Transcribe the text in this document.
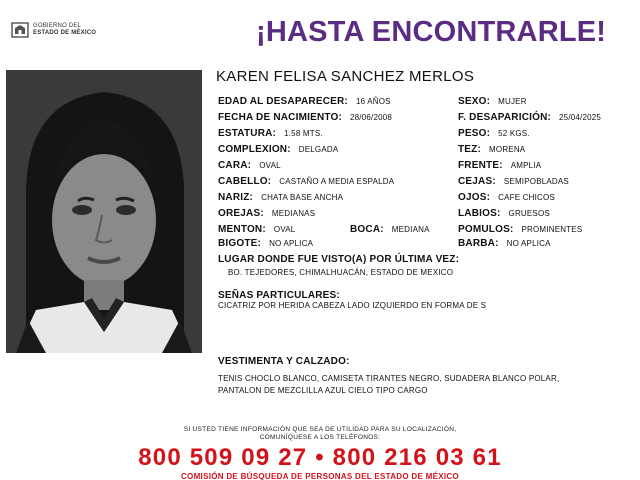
GOBIERNO DEL
ESTADO DE MÉXICO	¡HASTA ENCONTRARLE!
KAREN FELISA SANCHEZ MERLOS
EDAD AL DESAPARECER: 16 AÑOS
FECHA DE NACIMIENTO: 28/06/2008
ESTATURA: 1.58 MTS.
COMPLEXION: DELGADA
CARA: OVAL
CABELLO: CASTAÑO A MEDIA ESPALDA
NARIZ: CHATA BASE ANCHA
OREJAS: MEDIANAS
MENTON: OVAL	BOCA: MEDIANA
BIGOTE: NO APLICA
SEXO: MUJER
F. DESAPARICIÓN: 25/04/2025
PESO: 52 KGS.
TEZ: MORENA
FRENTE: AMPLIA
CEJAS: SEMIPOBLADAS
OJOS: CAFE CHICOS
LABIOS: GRUESOS
POMULOS: PROMINENTES
BARBA: NO APLICA
LUGAR DONDE FUE VISTO(A) POR ÚLTIMA VEZ:
BO. TEJEDORES, CHIMALHUACÁN, ESTADO DE MEXICO
SEÑAS PARTICULARES:
CICATRIZ POR HERIDA CABEZA LADO IZQUIERDO EN FORMA DE S
VESTIMENTA Y CALZADO:
TENIS CHOCLO BLANCO, CAMISETA TIRANTES NEGRO, SUDADERA BLANCO POLAR,
PANTALON DE MEZCLILLA AZUL CIELO TIPO CARGO
SI USTED TIENE INFORMACIÓN QUE SEA DE UTILIDAD PARA SU LOCALIZACIÓN,
COMUNÍQUESE A LOS TELÉFONOS:
800 509 09 27 • 800 216 03 61
COMISIÓN DE BÚSQUEDA DE PERSONAS DEL ESTADO DE MÉXICO
